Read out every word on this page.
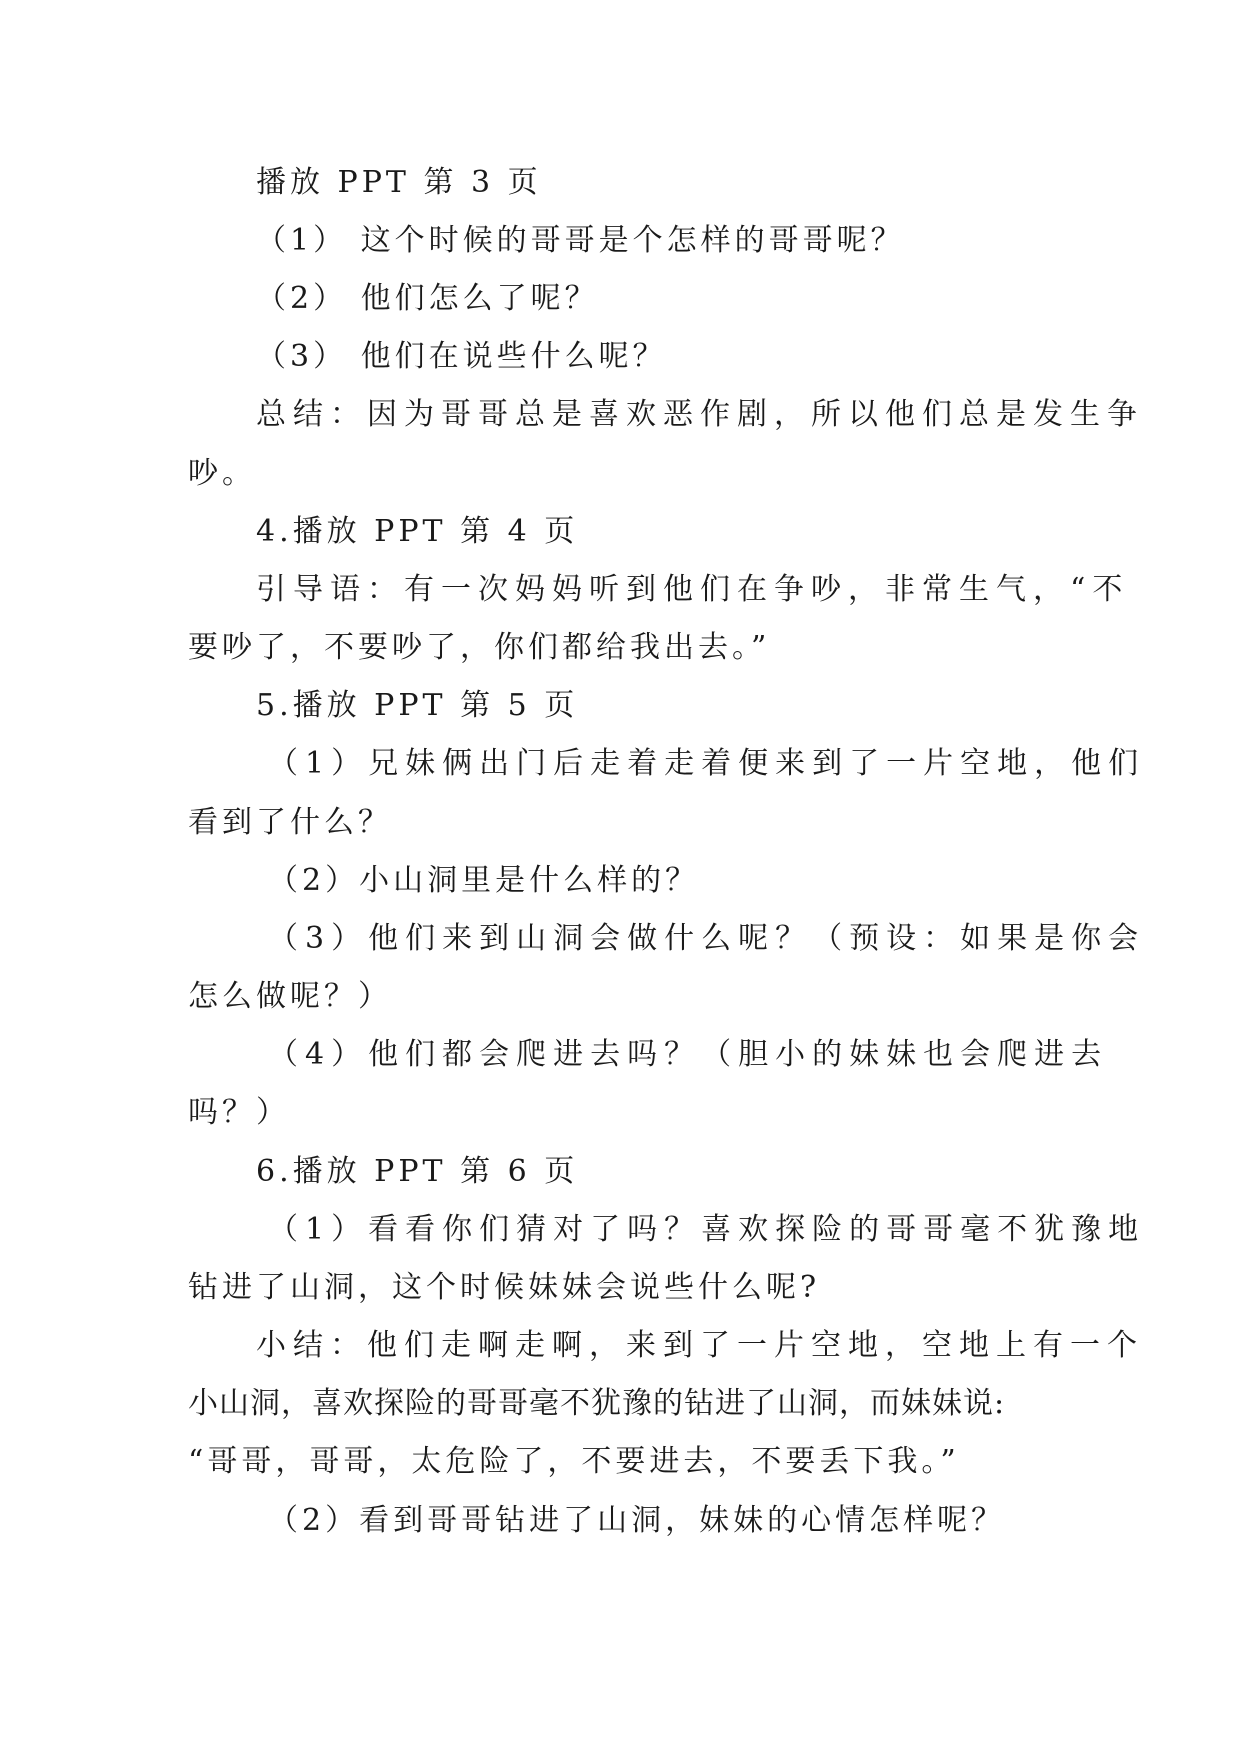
播放 PPT 第 3 页

（1） 这个时候的哥哥是个怎样的哥哥呢？

（2） 他们怎么了呢？

（3） 他们在说些什么呢？

总结：因为哥哥总是喜欢恶作剧，所以他们总是发生争

吵。

4.播放 PPT 第 4 页

引导语：有一次妈妈听到他们在争吵，非常生气，“不

要吵了，不要吵了，你们都给我出去。”

5.播放 PPT 第 5 页

（1）兄妹俩出门后走着走着便来到了一片空地，他们

看到了什么？

（2）小山洞里是什么样的？

（3）他们来到山洞会做什么呢？（预设：如果是你会

怎么做呢？）

（4）他们都会爬进去吗？（胆小的妹妹也会爬进去

吗？）

6.播放 PPT 第 6 页

（1）看看你们猜对了吗？喜欢探险的哥哥毫不犹豫地

钻进了山洞，这个时候妹妹会说些什么呢?

小结：他们走啊走啊，来到了一片空地，空地上有一个

小山洞，喜欢探险的哥哥毫不犹豫的钻进了山洞，而妹妹说:

“哥哥，哥哥，太危险了，不要进去，不要丢下我。”

（2）看到哥哥钻进了山洞，妹妹的心情怎样呢？
